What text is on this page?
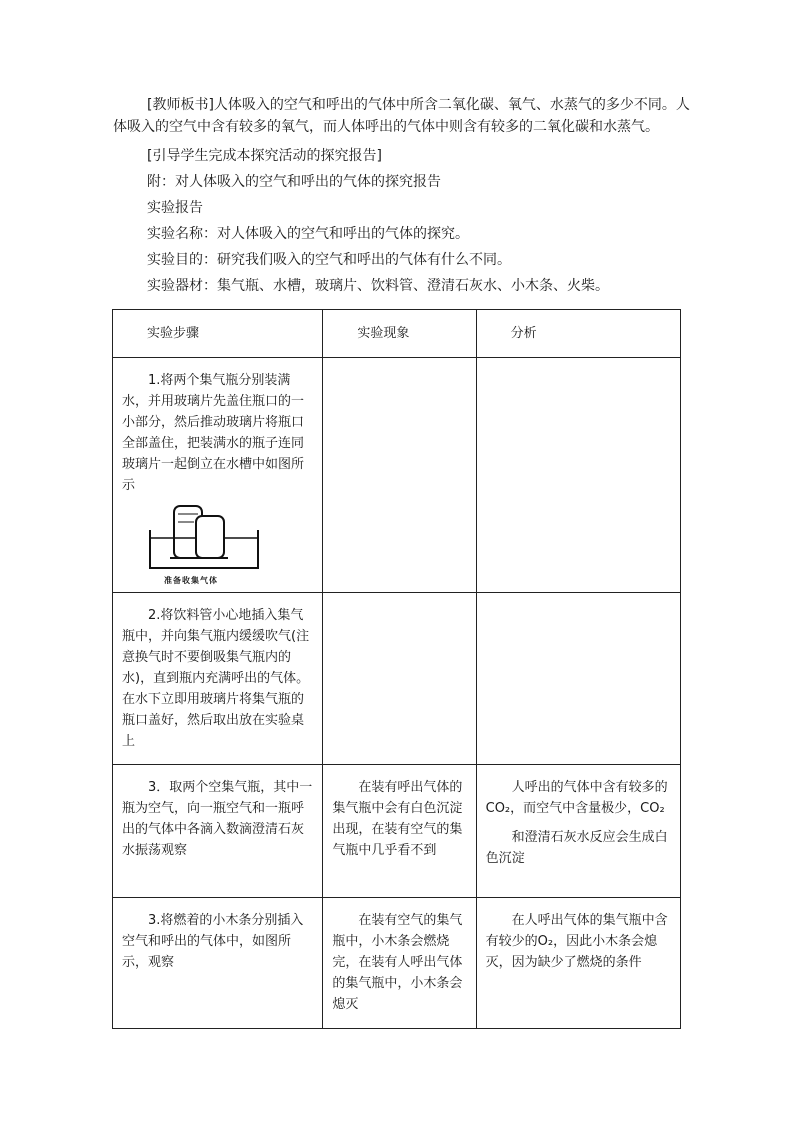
[教师板书]人体吸入的空气和呼出的气体中所含二氧化碳、氧气、水蒸气的多少不同。人体吸入的空气中含有较多的氧气，而人体呼出的气体中则含有较多的二氧化碳和水蒸气。

[引导学生完成本探究活动的探究报告]

附：对人体吸入的空气和呼出的气体的探究报告

实验报告

实验名称：对人体吸入的空气和呼出的气体的探究。

实验目的：研究我们吸入的空气和呼出的气体有什么不同。

实验器材：集气瓶、水槽，玻璃片、饮料管、澄清石灰水、小木条、火柴。

实验步骤	实验现象	分析

1.将两个集气瓶分别装满水，并用玻璃片先盖住瓶口的一小部分，然后推动玻璃片将瓶口全部盖住，把装满水的瓶子连同玻璃片一起倒立在水槽中如图所示

准备收集气体		

2.将饮料管小心地插入集气瓶中，并向集气瓶内缓缓吹气(注意换气时不要倒吸集气瓶内的水)，直到瓶内充满呼出的气体。在水下立即用玻璃片将集气瓶的瓶口盖好，然后取出放在实验桌上		

3．取两个空集气瓶，其中一瓶为空气，向一瓶空气和一瓶呼出的气体中各滴入数滴澄清石灰水振荡观察	在装有呼出气体的集气瓶中会有白色沉淀出现，在装有空气的集气瓶中几乎看不到	人呼出的气体中含有较多的CO₂，而空气中含量极少，CO₂

和澄清石灰水反应会生成白色沉淀

3.将燃着的小木条分别插入空气和呼出的气体中，如图所示，观察	在装有空气的集气瓶中，小木条会燃烧完，在装有人呼出气体的集气瓶中，小木条会熄灭	在人呼出气体的集气瓶中含有较少的O₂，因此小木条会熄灭，因为缺少了燃烧的条件
